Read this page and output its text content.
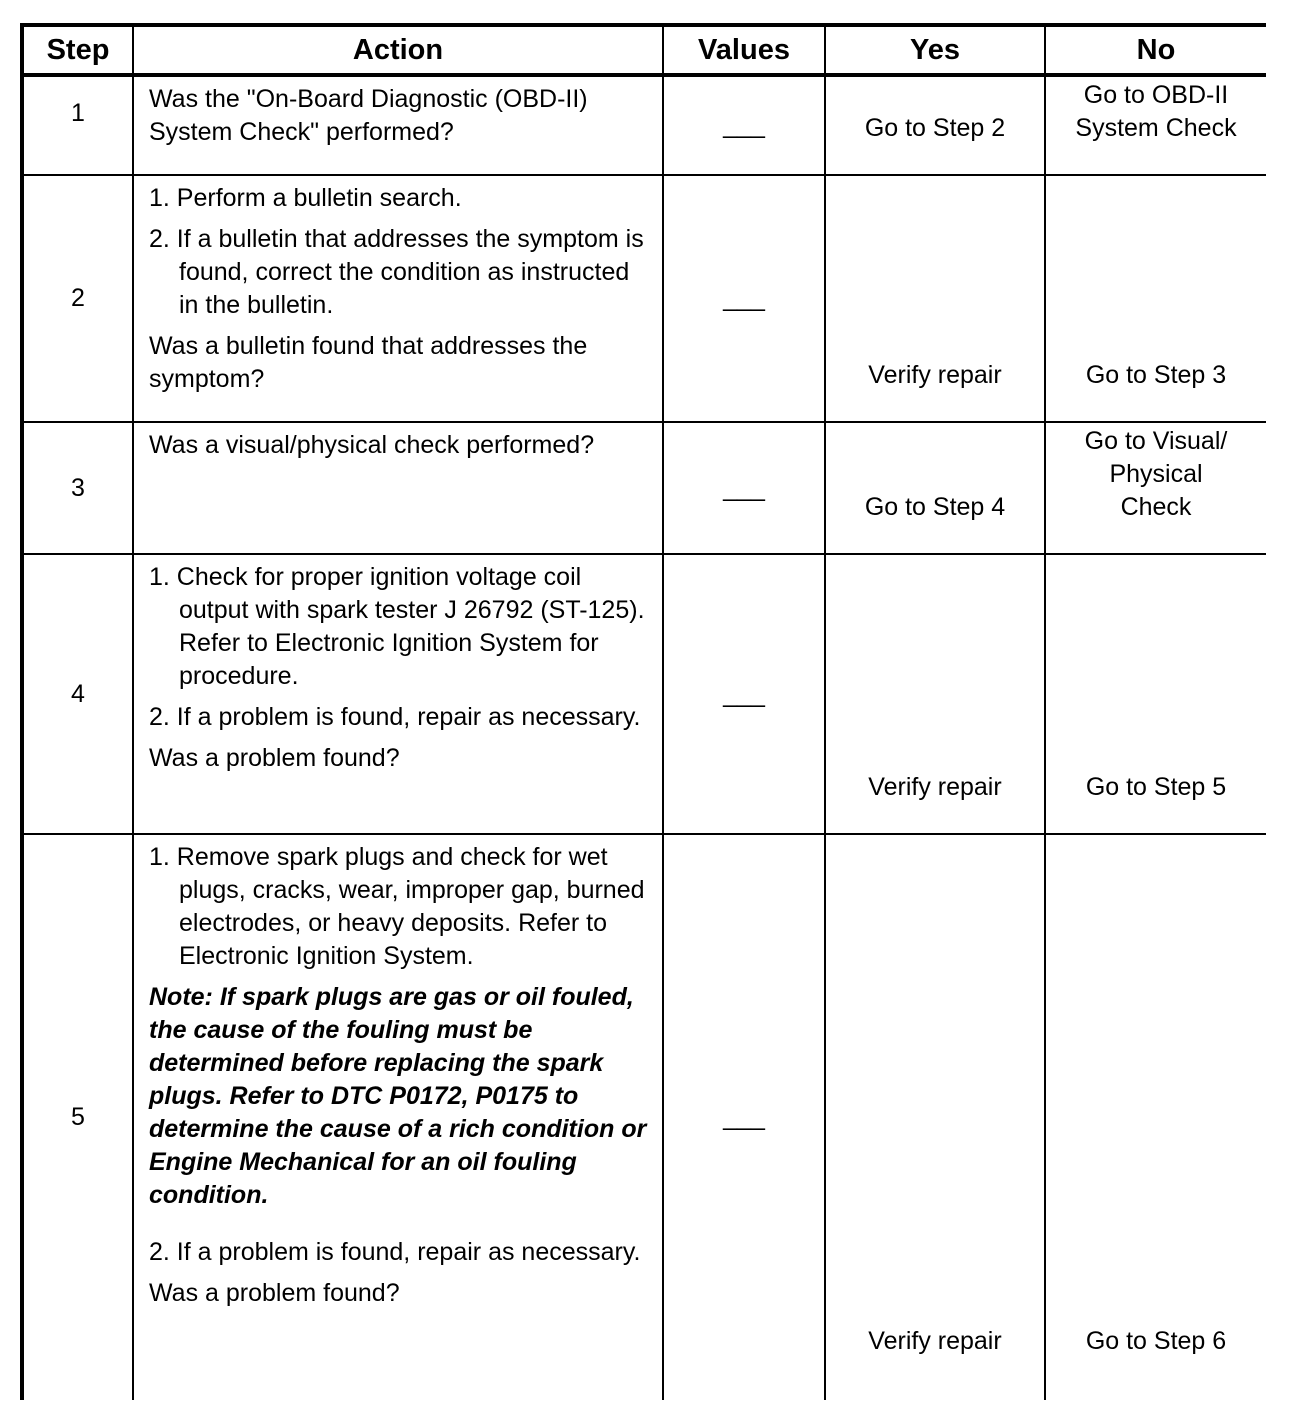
Step	Action	Values	Yes	No
1	Was the "On-Board Diagnostic (OBD-II) System Check" performed?	___	Go to Step 2	Go to OBD-II System Check
2	1. Perform a bulletin search.
2. If a bulletin that addresses the symptom is found, correct the condition as instructed in the bulletin.
Was a bulletin found that addresses the symptom?	___	Verify repair	Go to Step 3
3	Was a visual/physical check performed?	___	Go to Step 4	Go to Visual/ Physical Check

4	1. Check for proper ignition voltage coil output with spark tester J 26792 (ST-125). Refer to Electronic Ignition System for procedure.
2. If a problem is found, repair as necessary.
Was a problem found?	___	Verify repair	Go to Step 5
5	1. Remove spark plugs and check for wet plugs, cracks, wear, improper gap, burned electrodes, or heavy deposits. Refer to Electronic Ignition System.
Note: If spark plugs are gas or oil fouled, the cause of the fouling must be determined before replacing the spark plugs. Refer to DTC P0172, P0175 to determine the cause of a rich condition or Engine Mechanical for an oil fouling condition.
2. If a problem is found, repair as necessary.
Was a problem found?	___	Verify repair	Go to Step 6
